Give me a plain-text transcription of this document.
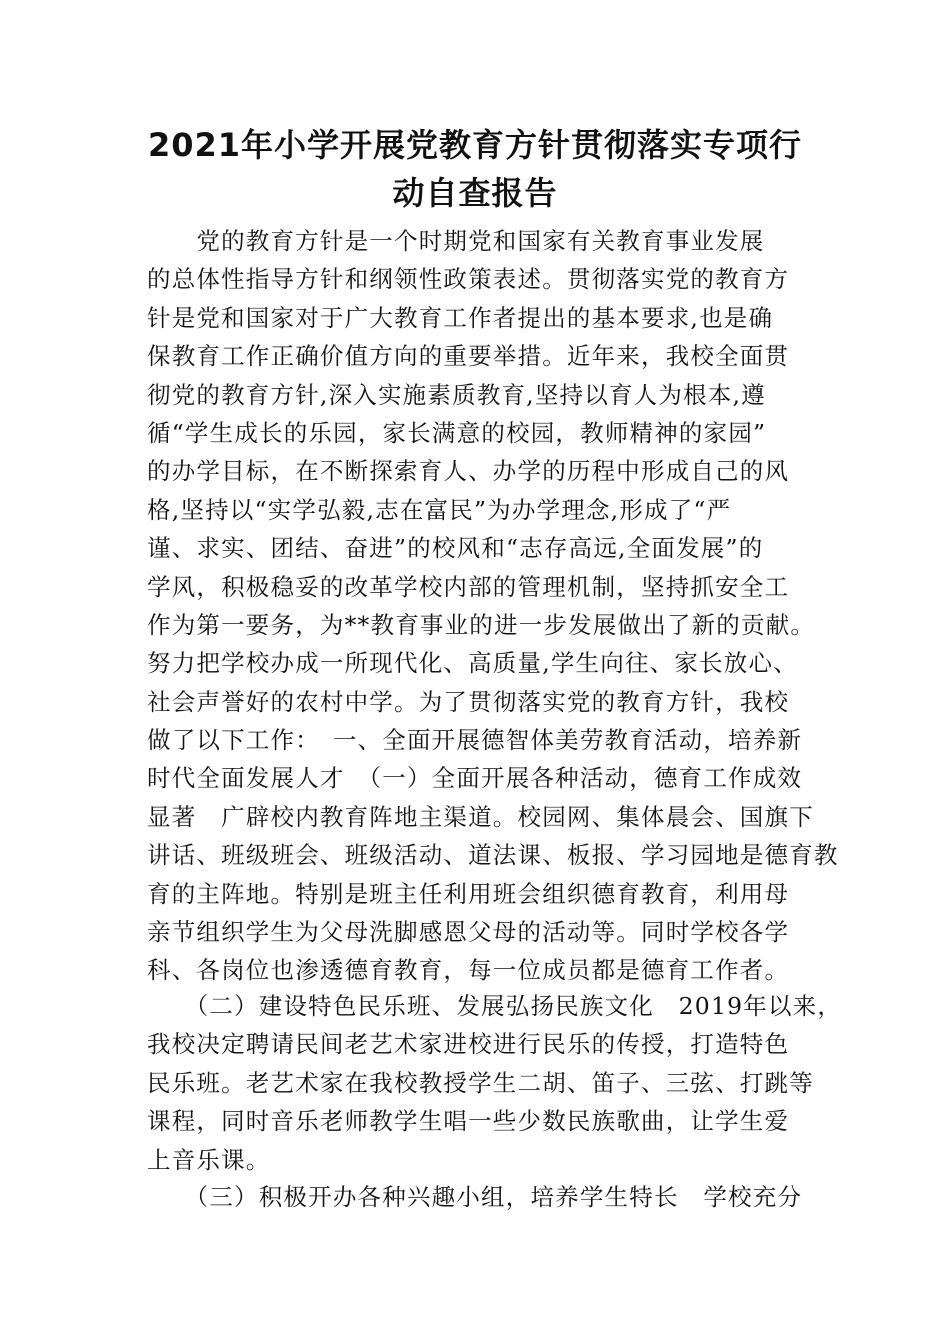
2021年小学开展党教育方针贯彻落实专项行
动自查报告
　　党的教育方针是一个时期党和国家有关教育事业发展
的总体性指导方针和纲领性政策表述。贯彻落实党的教育方
针是党和国家对于广大教育工作者提出的基本要求,也是确
保教育工作正确价值方向的重要举措。近年来，我校全面贯
彻党的教育方针,深入实施素质教育,坚持以育人为根本,遵
循“学生成长的乐园，家长满意的校园，教师精神的家园”
的办学目标，在不断探索育人、办学的历程中形成自己的风
格,坚持以“实学弘毅,志在富民”为办学理念,形成了“严
谨、求实、团结、奋进”的校风和“志存高远,全面发展”的
学风，积极稳妥的改革学校内部的管理机制，坚持抓安全工
作为第一要务，为**教育事业的进一步发展做出了新的贡献。
努力把学校办成一所现代化、高质量,学生向往、家长放心、
社会声誉好的农村中学。为了贯彻落实党的教育方针，我校
做了以下工作：　一、全面开展德智体美劳教育活动，培养新
时代全面发展人才　（一）全面开展各种活动，德育工作成效
显著　广辟校内教育阵地主渠道。校园网、集体晨会、国旗下
讲话、班级班会、班级活动、道法课、板报、学习园地是德育教
育的主阵地。特别是班主任利用班会组织德育教育，利用母
亲节组织学生为父母洗脚感恩父母的活动等。同时学校各学
科、各岗位也渗透德育教育，每一位成员都是德育工作者。
　　（二）建设特色民乐班、发展弘扬民族文化　2019年以来，
我校决定聘请民间老艺术家进校进行民乐的传授，打造特色
民乐班。老艺术家在我校教授学生二胡、笛子、三弦、打跳等
课程，同时音乐老师教学生唱一些少数民族歌曲，让学生爱
上音乐课。
　　（三）积极开办各种兴趣小组，培养学生特长　学校充分
